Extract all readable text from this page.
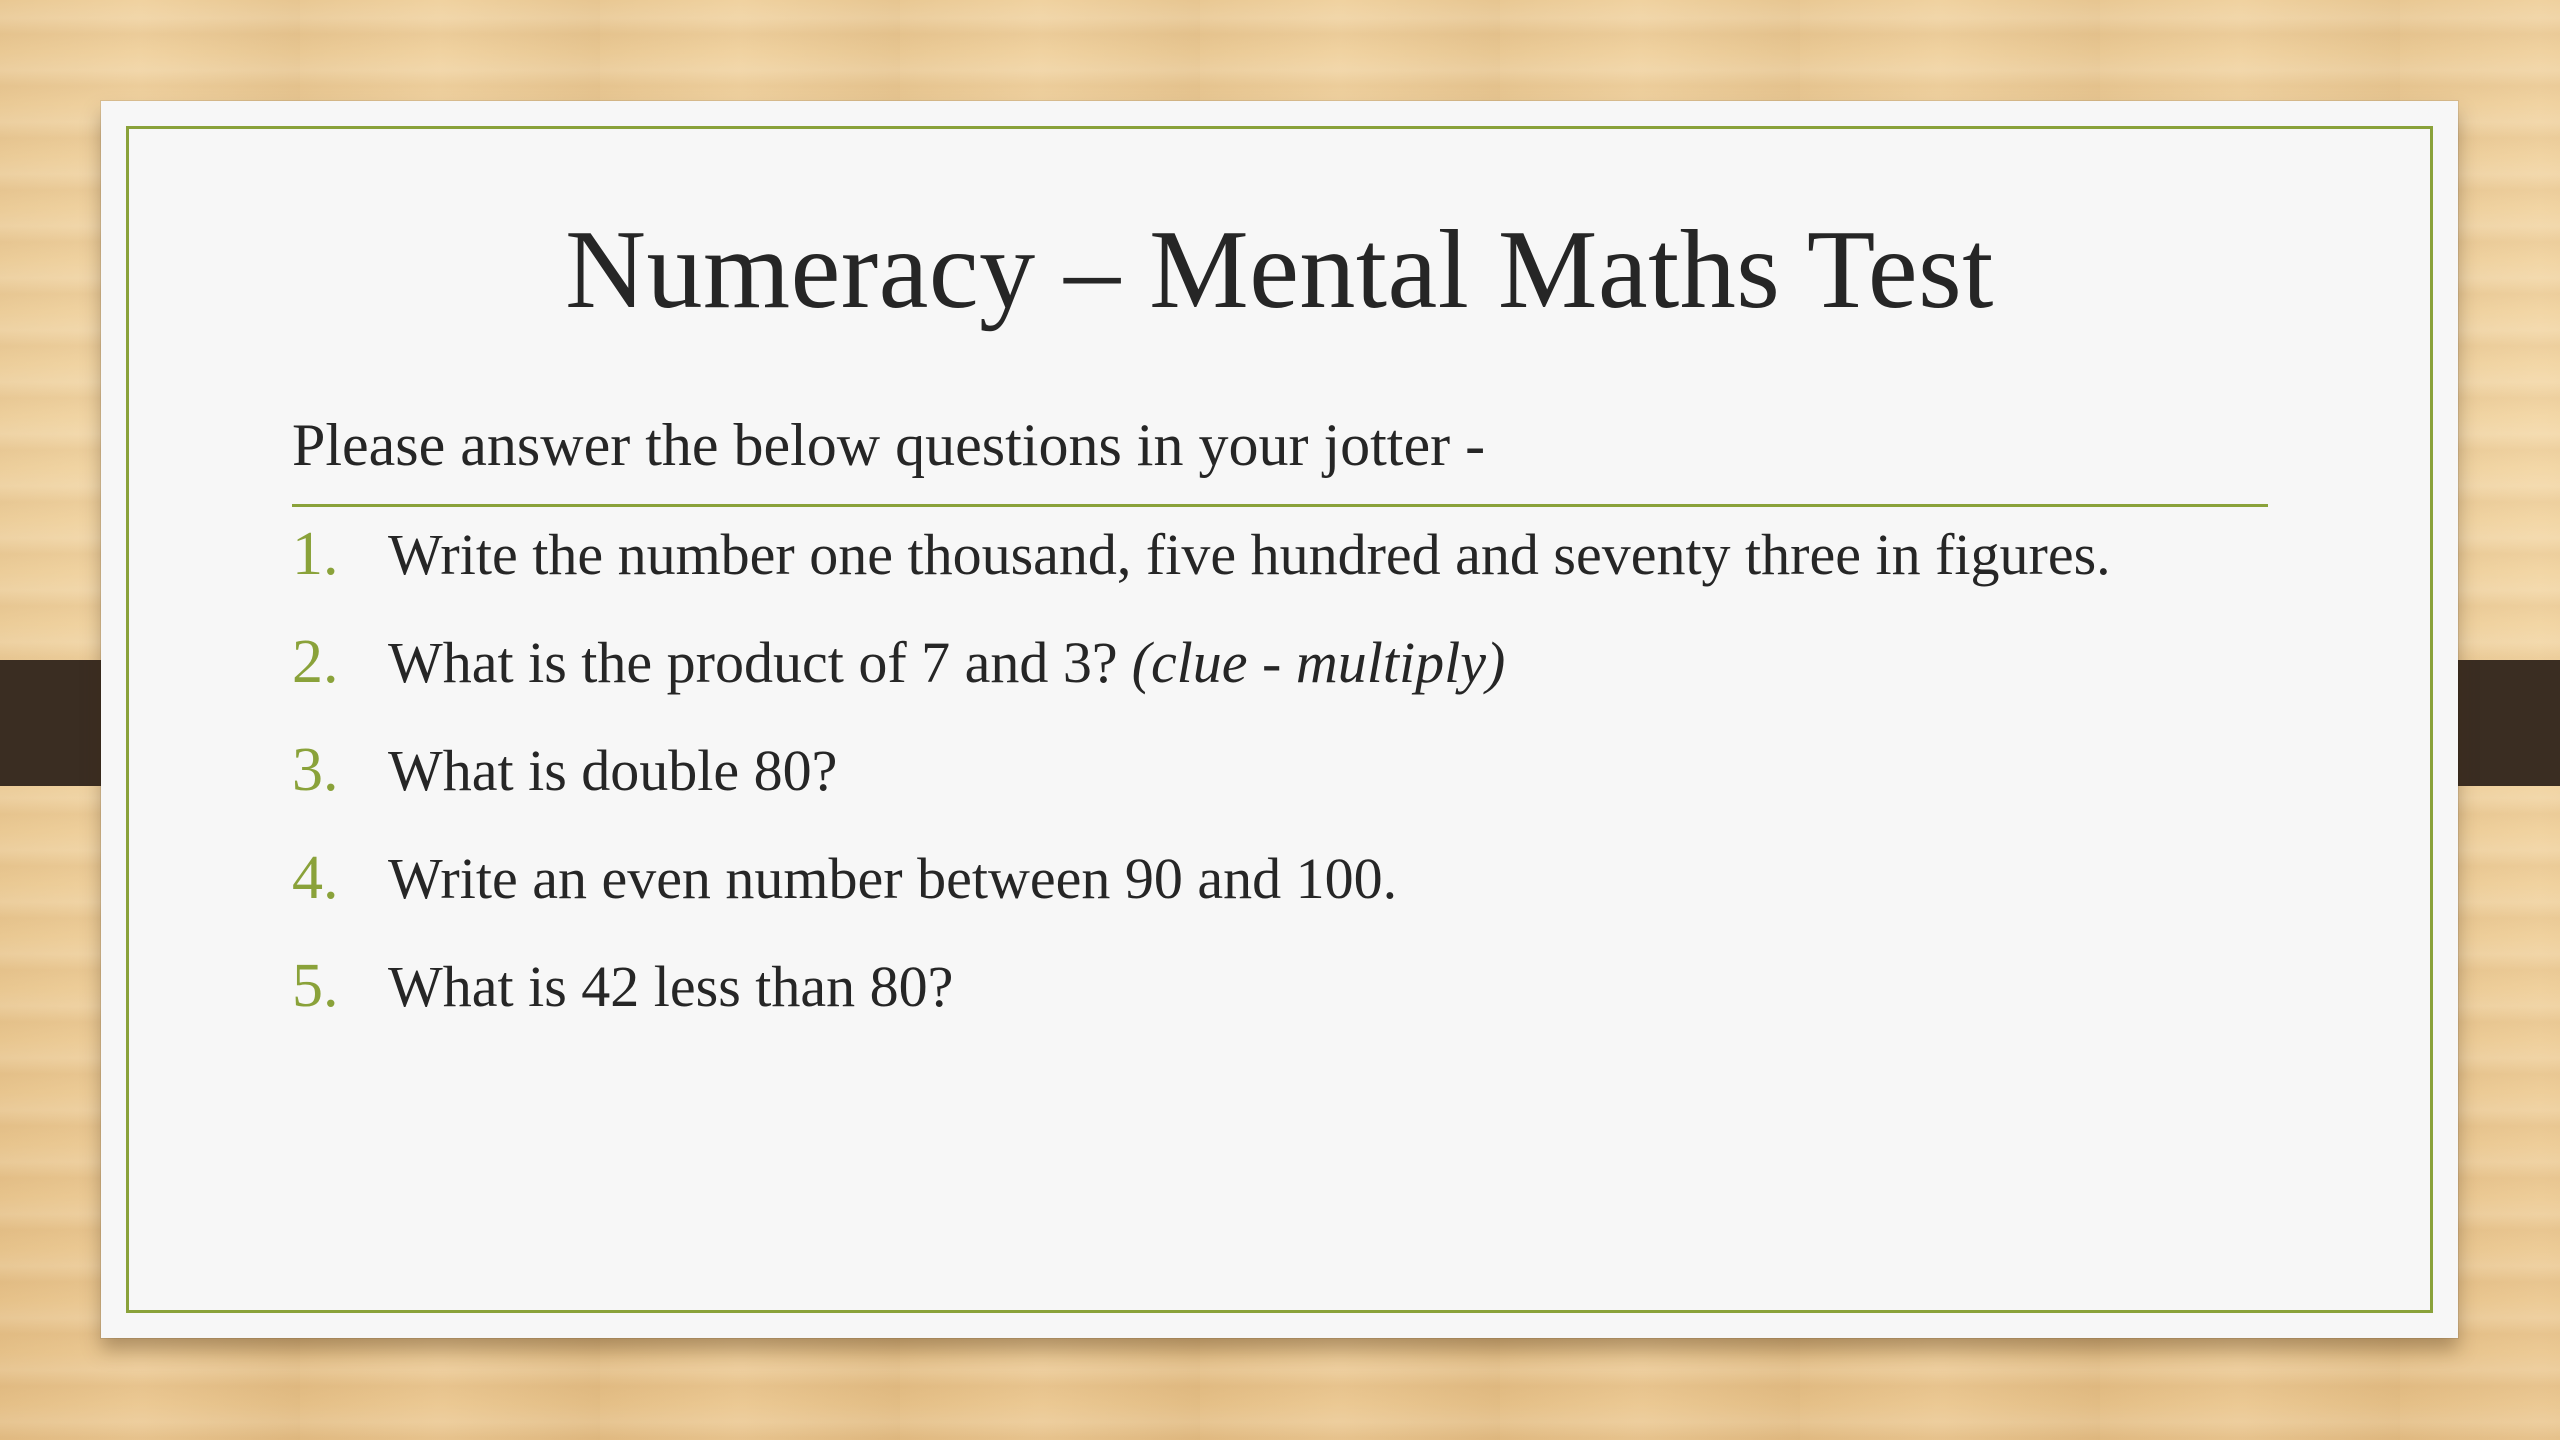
Numeracy – Mental Maths Test
Please answer the below questions in your jotter -
1. Write the number one thousand, five hundred and seventy three in figures.
2. What is the product of 7 and 3? (clue - multiply)
3. What is double 80?
4. Write an even number between 90 and 100.
5. What is 42 less than 80?
